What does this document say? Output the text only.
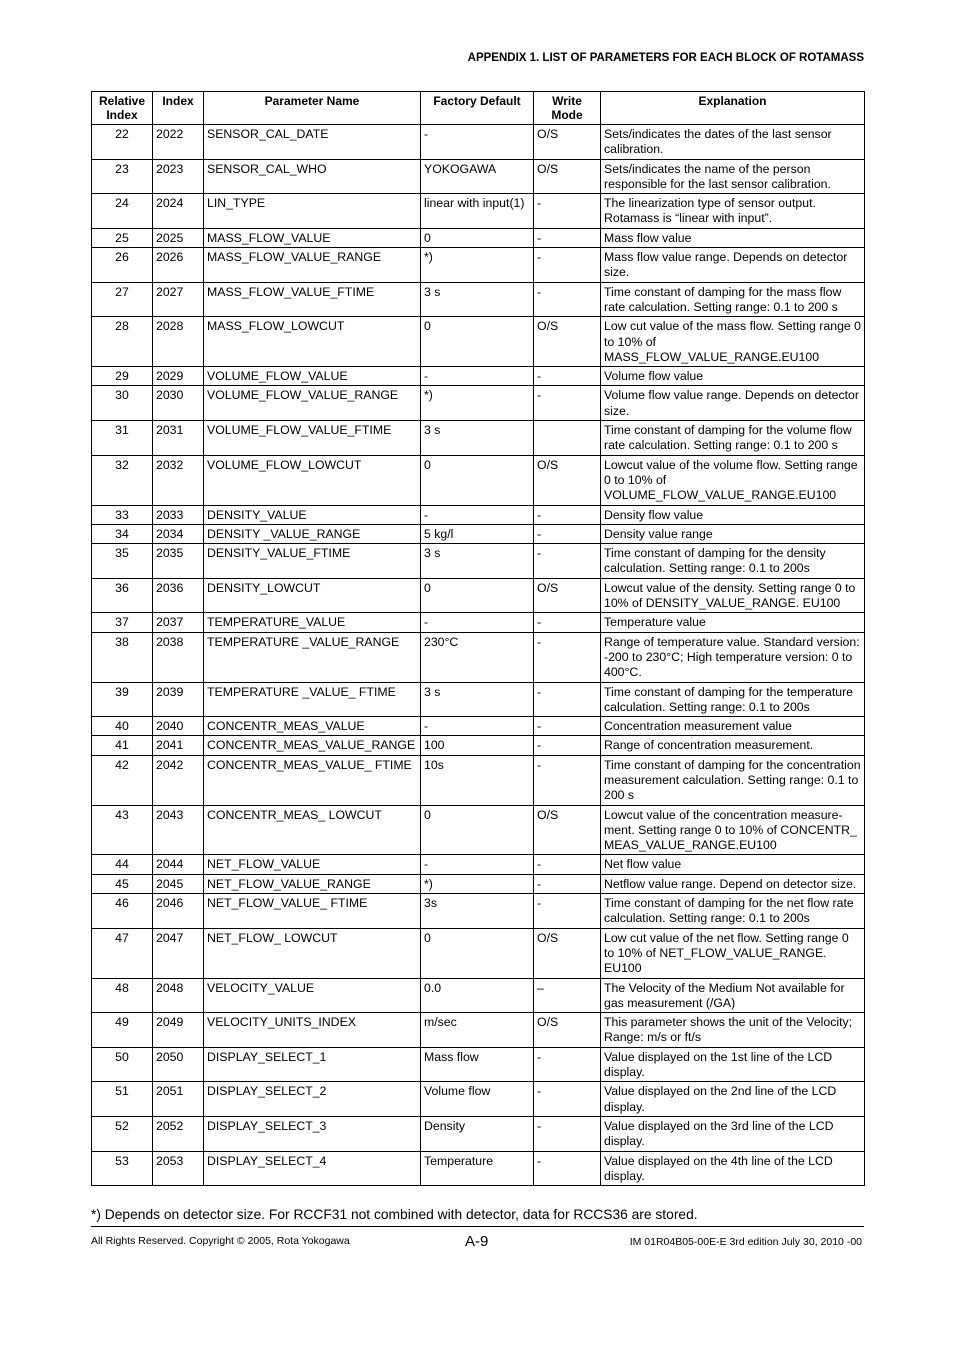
APPENDIX 1. LIST OF PARAMETERS FOR EACH BLOCK OF ROTAMASS
Relative Index	Index	Parameter Name	Factory Default	Write Mode	Explanation
22	2022	SENSOR_CAL_DATE	-	O/S	Sets/indicates the dates of the last sensor calibration.
23	2023	SENSOR_CAL_WHO	YOKOGAWA	O/S	Sets/indicates the name of the person responsible for the last sensor calibration.
24	2024	LIN_TYPE	linear with input(1)	-	The linearization type of sensor output. Rotamass is “linear with input”.
25	2025	MASS_FLOW_VALUE	0	-	Mass flow value
26	2026	MASS_FLOW_VALUE_RANGE	*)	-	Mass flow value range. Depends on detector size.
27	2027	MASS_FLOW_VALUE_FTIME	3 s	-	Time constant of damping for the mass flow rate calculation. Setting range: 0.1 to 200 s
28	2028	MASS_FLOW_LOWCUT	0	O/S	Low cut value of the mass flow. Setting range 0 to 10% of MASS_FLOW_VALUE_RANGE.EU100
29	2029	VOLUME_FLOW_VALUE	-	-	Volume flow value
30	2030	VOLUME_FLOW_VALUE_RANGE	*)	-	Volume flow value range. Depends on detector size.
31	2031	VOLUME_FLOW_VALUE_FTIME	3 s		Time constant of damping for the volume flow rate calculation. Setting range: 0.1 to 200 s
32	2032	VOLUME_FLOW_LOWCUT	0	O/S	Lowcut value of the volume flow. Setting range 0 to 10% of VOLUME_FLOW_VALUE_RANGE.EU100
33	2033	DENSITY_VALUE	-	-	Density flow value
34	2034	DENSITY _VALUE_RANGE	5 kg/l	-	Density value range
35	2035	DENSITY_VALUE_FTIME	3 s	-	Time constant of damping for the density calculation. Setting range: 0.1 to 200s
36	2036	DENSITY_LOWCUT	0	O/S	Lowcut value of the density. Setting range 0 to 10% of DENSITY_VALUE_RANGE. EU100
37	2037	TEMPERATURE_VALUE	-	-	Temperature value
38	2038	TEMPERATURE _VALUE_RANGE	230°C	-	Range of temperature value. Standard version: -200 to 230°C; High temperature version: 0 to 400°C.
39	2039	TEMPERATURE _VALUE_ FTIME	3 s	-	Time constant of damping for the temperature calculation. Setting range: 0.1 to 200s
40	2040	CONCENTR_MEAS_VALUE	-	-	Concentration measurement value
41	2041	CONCENTR_MEAS_VALUE_RANGE	100	-	Range of concentration measurement.
42	2042	CONCENTR_MEAS_VALUE_ FTIME	10s	-	Time constant of damping for the concentration measurement calculation. Setting range: 0.1 to 200 s
43	2043	CONCENTR_MEAS_ LOWCUT	0	O/S	Lowcut value of the concentration measure-ment. Setting range 0 to 10% of CONCENTR_ MEAS_VALUE_RANGE.EU100
44	2044	NET_FLOW_VALUE	-	-	Net flow value
45	2045	NET_FLOW_VALUE_RANGE	*)	-	Netflow value range. Depend on detector size.
46	2046	NET_FLOW_VALUE_ FTIME	3s	-	Time constant of damping for the net flow rate calculation. Setting range: 0.1 to 200s
47	2047	NET_FLOW_ LOWCUT	0	O/S	Low cut value of the net flow. Setting range 0 to 10% of NET_FLOW_VALUE_RANGE. EU100
48	2048	VELOCITY_VALUE	0.0	–	The Velocity of the Medium Not available for gas measurement (/GA)
49	2049	VELOCITY_UNITS_INDEX	m/sec	O/S	This parameter shows the unit of the Velocity; Range: m/s or ft/s
50	2050	DISPLAY_SELECT_1	Mass flow	-	Value displayed on the 1st line of the LCD display.
51	2051	DISPLAY_SELECT_2	Volume flow	-	Value displayed on the 2nd line of the LCD display.
52	2052	DISPLAY_SELECT_3	Density	-	Value displayed on the 3rd line of the LCD display.
53	2053	DISPLAY_SELECT_4	Temperature	-	Value displayed on the 4th line of the LCD display.
*) Depends on detector size. For RCCF31 not combined with detector, data for RCCS36 are stored.
All Rights Reserved. Copyright © 2005, Rota Yokogawa	A-9	IM 01R04B05-00E-E 3rd edition July 30, 2010 -00
